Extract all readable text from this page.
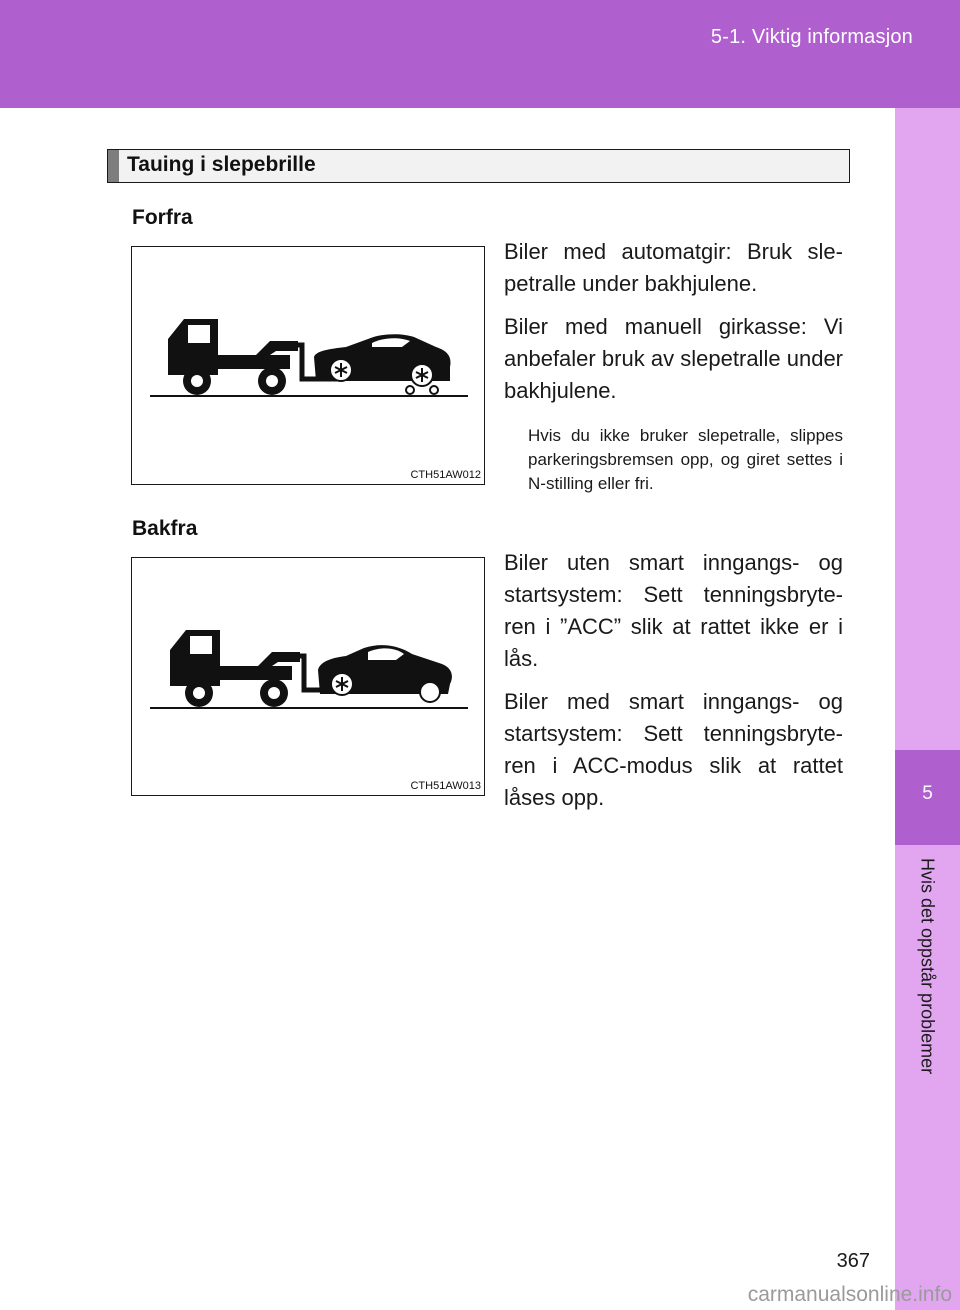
5-1. Viktig informasjon
5
Hvis det oppstår problemer
Tauing i slepebrille
Forfra
CTH51AW012
Biler med automatgir: Bruk sle-petralle under bakhjulene.
Biler med manuell girkasse: Vi anbefaler bruk av slepetralle under bakhjulene.
Hvis du ikke bruker slepetralle, slippes parkeringsbremsen opp, og giret settes i N-stilling eller fri.
Bakfra
CTH51AW013
Biler uten smart inngangs- og startsystem: Sett tenningsbryte-ren i ”ACC” slik at rattet ikke er i lås.
Biler med smart inngangs- og startsystem: Sett tenningsbryte-ren i ACC-modus slik at rattet låses opp.
367
carmanualsonline.info
